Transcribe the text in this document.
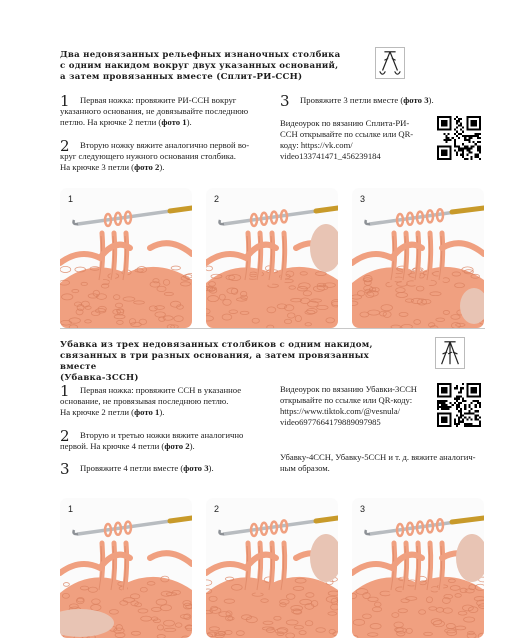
Два недовязанных рельефных изнаночных столбика
с одним накидом вокруг двух указанных оснований,
а затем провязанных вместе (Сплит-РИ-ССН)
1	Первая ножка: провяжите РИ-ССН вокруг
указанного основания, не довязывайте последнюю
петлю. На крючке 2 петли (фото 1).
2	Вторую ножку вяжите аналогично первой во-
круг следующего нужного основания столбика.
На крючке 3 петли (фото 2).
3	Провяжите 3 петли вместе (фото 3).
Видеоурок по вязанию Сплита-РИ-
ССН открывайте по ссылке или QR-
коду: https://vk.com/
video133741471_456239184
1	2	3
Убавка из трех недовязанных столбиков с одним накидом,
связанных в три разных основания, а затем провязанных вместе
(Убавка-3ССН)
1	Первая ножка: провяжите ССН в указанное
основание, не провязывая последнюю петлю.
На крючке 2 петли (фото 1).
2	Вторую и третью ножки вяжите аналогично
первой. На крючке 4 петли (фото 2).
3	Провяжите 4 петли вместе (фото 3).
Видеоурок по вязанию Убавки-3ССН
открывайте по ссылке или QR-коду:
https://www.tiktok.com/@vesnula/
video6977664179889097985
Убавку-4ССН, Убавку-5ССН и т. д. вяжите аналогич-
ным образом.
1	2	3
